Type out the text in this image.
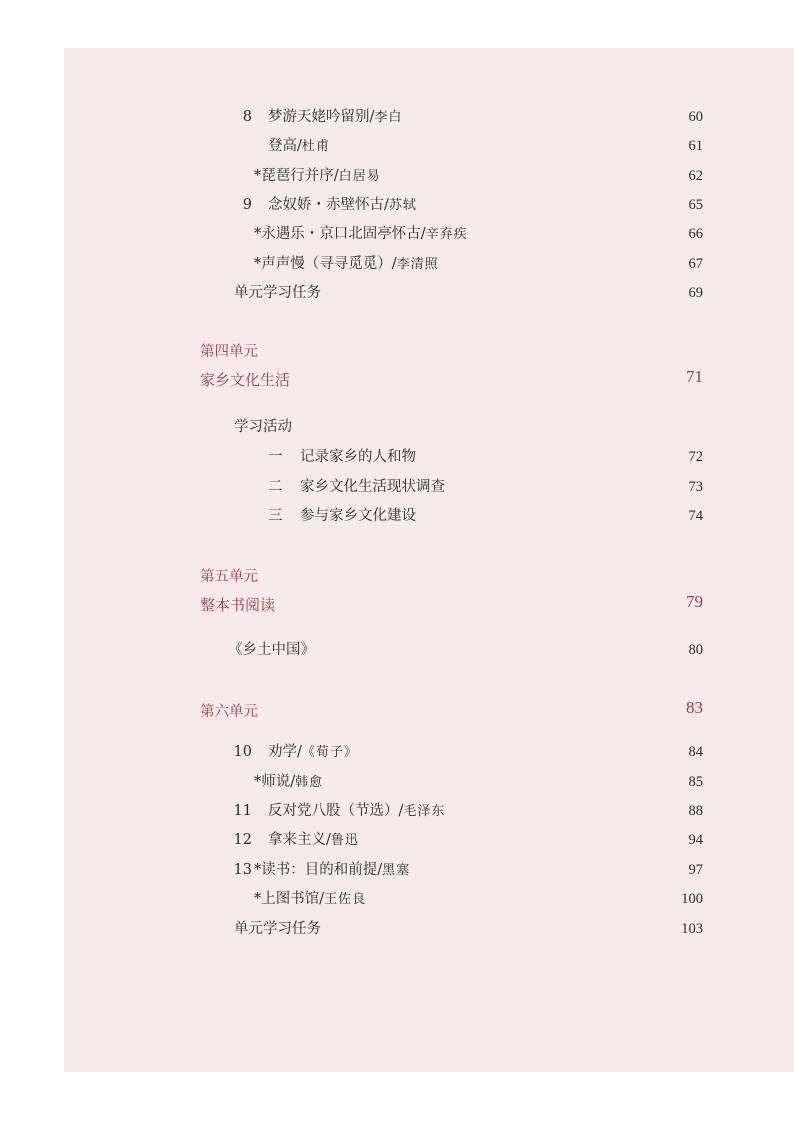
8 梦游天姥吟留别/李白	60
登高/杜甫	61
*琵琶行并序/白居易	62
9 念奴娇・赤壁怀古/苏轼	65
*永遇乐・京口北固亭怀古/辛弃疾	66
*声声慢（寻寻觅觅）/李清照	67
单元学习任务	69
第四单元
家乡文化生活	71
学习活动
一 记录家乡的人和物	72
二 家乡文化生活现状调查	73
三 参与家乡文化建设	74
第五单元
整本书阅读	79
《乡土中国》	80
第六单元	83
10 劝学/《荀子》	84
*师说/韩愈	85
11 反对党八股（节选）/毛泽东	88
12 拿来主义/鲁迅	94
13 *读书：目的和前提/黑塞	97
*上图书馆/王佐良	100
单元学习任务	103
